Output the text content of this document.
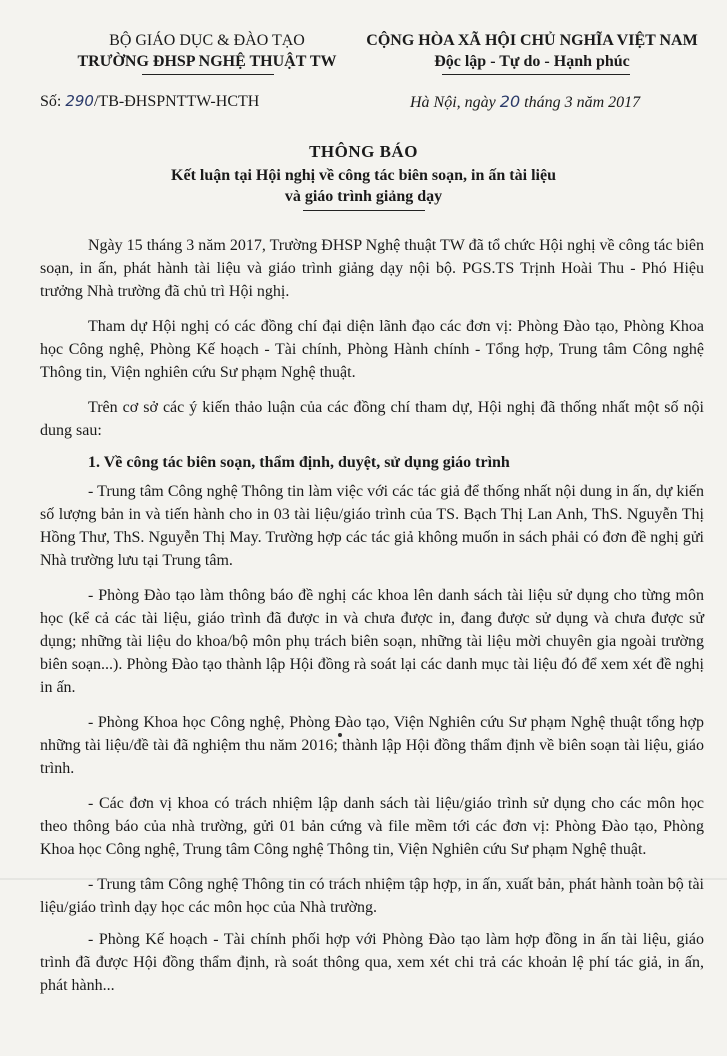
BỘ GIÁO DỤC & ĐÀO TẠO
TRƯỜNG ĐHSP NGHỆ THUẬT TW
CỘNG HÒA XÃ HỘI CHỦ NGHĨA VIỆT NAM
Độc lập - Tự do - Hạnh phúc
Số: 290/TB-ĐHSPNTTW-HCTH	Hà Nội, ngày 20 tháng 3 năm 2017
THÔNG BÁO
Kết luận tại Hội nghị về công tác biên soạn, in ấn tài liệu
và giáo trình giảng dạy

Ngày 15 tháng 3 năm 2017, Trường ĐHSP Nghệ thuật TW đã tổ chức Hội nghị về công tác biên soạn, in ấn, phát hành tài liệu và giáo trình giảng dạy nội bộ. PGS.TS Trịnh Hoài Thu - Phó Hiệu trưởng Nhà trường đã chủ trì Hội nghị.

Tham dự Hội nghị có các đồng chí đại diện lãnh đạo các đơn vị: Phòng Đào tạo, Phòng Khoa học Công nghệ, Phòng Kế hoạch - Tài chính, Phòng Hành chính - Tổng hợp, Trung tâm Công nghệ Thông tin, Viện nghiên cứu Sư phạm Nghệ thuật.

Trên cơ sở các ý kiến thảo luận của các đồng chí tham dự, Hội nghị đã thống nhất một số nội dung sau:

1. Về công tác biên soạn, thẩm định, duyệt, sử dụng giáo trình

- Trung tâm Công nghệ Thông tin làm việc với các tác giả để thống nhất nội dung in ấn, dự kiến số lượng bản in và tiến hành cho in 03 tài liệu/giáo trình của TS. Bạch Thị Lan Anh, ThS. Nguyễn Thị Hồng Thư, ThS. Nguyễn Thị May. Trường hợp các tác giả không muốn in sách phải có đơn đề nghị gửi Nhà trường lưu tại Trung tâm.

- Phòng Đào tạo làm thông báo đề nghị các khoa lên danh sách tài liệu sử dụng cho từng môn học (kể cả các tài liệu, giáo trình đã được in và chưa được in, đang được sử dụng và chưa được sử dụng; những tài liệu do khoa/bộ môn phụ trách biên soạn, những tài liệu mời chuyên gia ngoài trường biên soạn...). Phòng Đào tạo thành lập Hội đồng rà soát lại các danh mục tài liệu đó để xem xét đề nghị in ấn.

- Phòng Khoa học Công nghệ, Phòng Đào tạo, Viện Nghiên cứu Sư phạm Nghệ thuật tổng hợp những tài liệu/đề tài đã nghiệm thu năm 2016; thành lập Hội đồng thẩm định về biên soạn tài liệu, giáo trình.

- Các đơn vị khoa có trách nhiệm lập danh sách tài liệu/giáo trình sử dụng cho các môn học theo thông báo của nhà trường, gửi 01 bản cứng và file mềm tới các đơn vị: Phòng Đào tạo, Phòng Khoa học Công nghệ, Trung tâm Công nghệ Thông tin, Viện Nghiên cứu Sư phạm Nghệ thuật.

- Trung tâm Công nghệ Thông tin có trách nhiệm tập hợp, in ấn, xuất bản, phát hành toàn bộ tài liệu/giáo trình dạy học các môn học của Nhà trường.

- Phòng Kế hoạch - Tài chính phối hợp với Phòng Đào tạo làm hợp đồng in ấn tài liệu, giáo trình đã được Hội đồng thẩm định, rà soát thông qua, xem xét chi trả các khoản lệ phí tác giả, in ấn, phát hành...
